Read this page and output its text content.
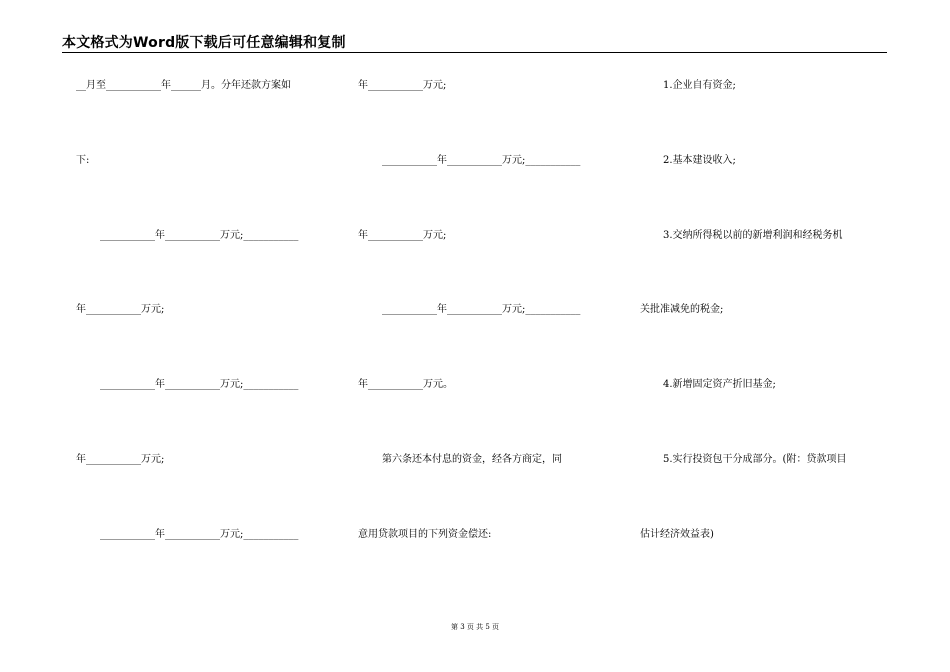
本文格式为Word版下载后可任意编辑和复制
__月至___________年______月。分年还款方案如
下:
___________年___________万元;___________
年___________万元;
___________年___________万元;___________
年___________万元;
___________年___________万元;___________
年___________万元;
___________年___________万元;___________
年___________万元;
___________年___________万元;___________
年___________万元。
第六条还本付息的资金，经各方商定，同
意用贷款项目的下列资金偿还:
1.企业自有资金;
2.基本建设收入;
3.交纳所得税以前的新增利润和经税务机
关批准减免的税金;
4.新增固定资产折旧基金;
5.实行投资包干分成部分。(附：贷款项目
估计经济效益表)
第 3 页 共 5 页
